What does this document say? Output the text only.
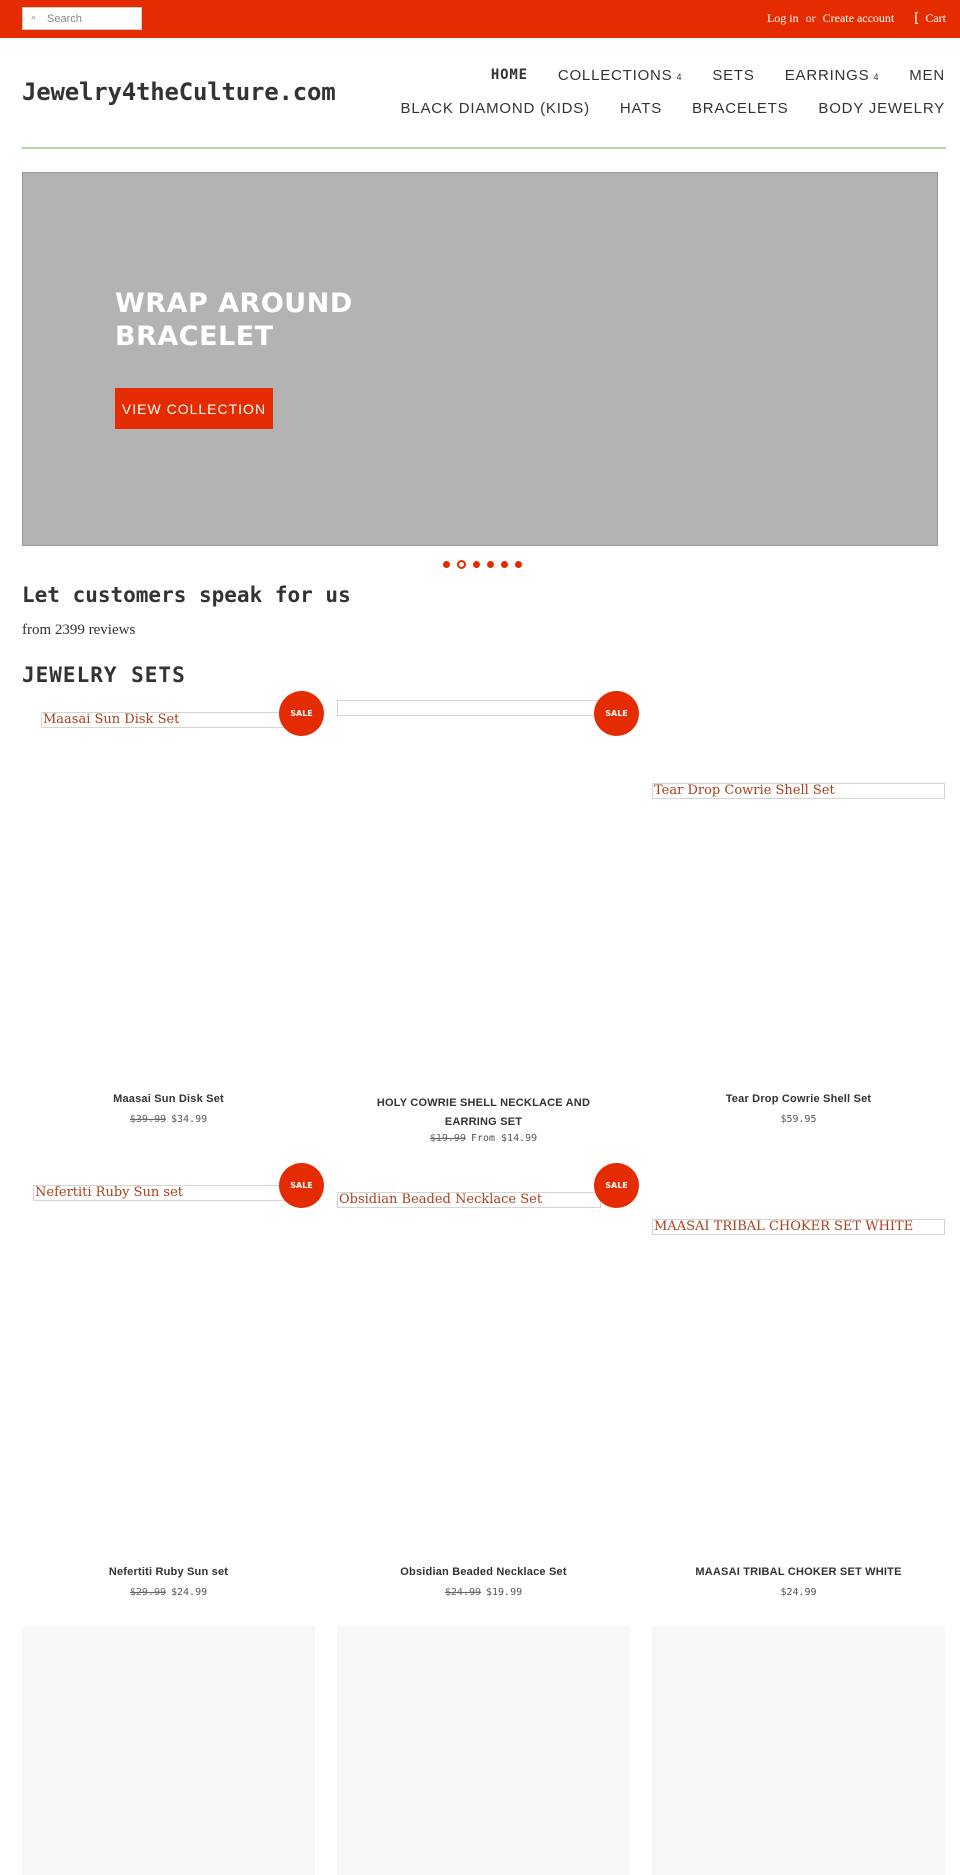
⌕
Search	Log in or Create account [ Cart
Jewelry4theCulture.com
HOME	COLLECTIONS 4	SETS	EARRINGS 4	MEN
BLACK DIAMOND (KIDS)	HATS	BRACELETS	BODY JEWELRY
WRAP AROUND BRACELET
VIEW COLLECTION
Let customers speak for us
from 2399 reviews
JEWELRY SETS
Maasai Sun Disk Set	SALE
Maasai Sun Disk Set
$39.99 $34.99
SALE
HOLY COWRIE SHELL NECKLACE AND EARRING SET
$19.99 From $14.99
Tear Drop Cowrie Shell Set
Tear Drop Cowrie Shell Set
$59.95
Nefertiti Ruby Sun set	SALE
Nefertiti Ruby Sun set
$29.99 $24.99
Obsidian Beaded Necklace Set
SALE
Obsidian Beaded Necklace Set
$24.99 $19.99
MAASAI TRIBAL CHOKER SET WHITE
MAASAI TRIBAL CHOKER SET WHITE
$24.99
